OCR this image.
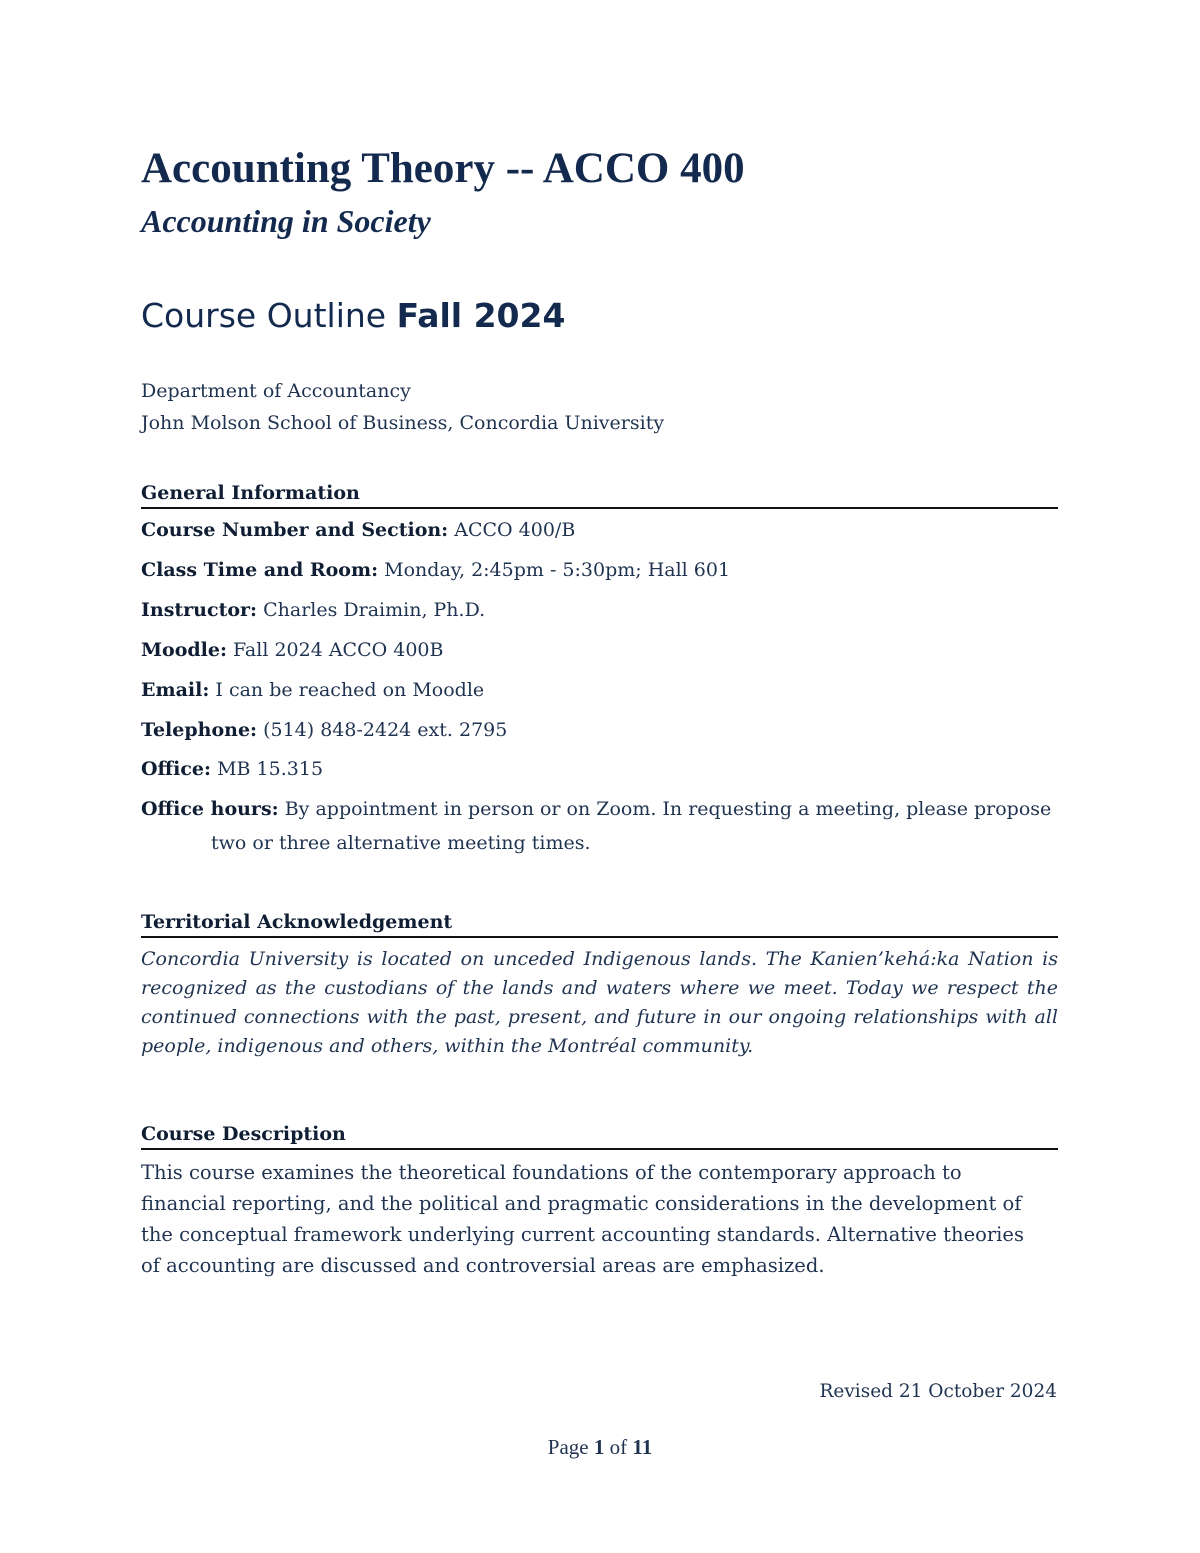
Accounting Theory -- ACCO 400
Accounting in Society
Course Outline Fall 2024
Department of Accountancy
John Molson School of Business, Concordia University
General Information
Course Number and Section: ACCO 400/B
Class Time and Room: Monday, 2:45pm - 5:30pm; Hall 601
Instructor: Charles Draimin, Ph.D.
Moodle: Fall 2024 ACCO 400B
Email: I can be reached on Moodle
Telephone: (514) 848-2424 ext. 2795
Office: MB 15.315
Office hours: By appointment in person or on Zoom. In requesting a meeting, please propose
two or three alternative meeting times.
Territorial Acknowledgement

Concordia University is located on unceded Indigenous lands. The Kanien’kehá:ka Nation is recognized as the custodians of the lands and waters where we meet. Today we respect the continued connections with the past, present, and future in our ongoing relationships with all people, indigenous and others, within the Montréal community.

Course Description

This course examines the theoretical foundations of the contemporary approach to financial reporting, and the political and pragmatic considerations in the development of the conceptual framework underlying current accounting standards. Alternative theories of accounting are discussed and controversial areas are emphasized.

Revised 21 October 2024
Page 1 of 11
